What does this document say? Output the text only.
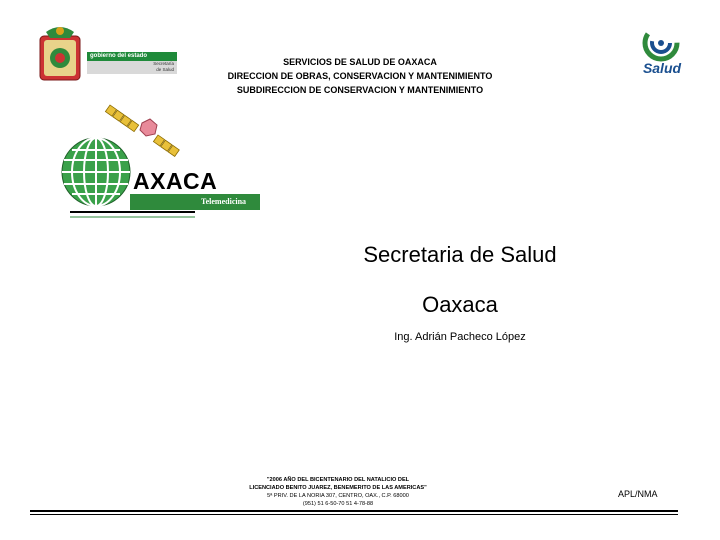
gobierno del estado
Secretaría
de Salud
SERVICIOS DE SALUD DE OAXACA
DIRECCION DE OBRAS, CONSERVACION Y MANTENIMIENTO
SUBDIRECCION DE CONSERVACION Y MANTENIMIENTO
Salud
AXACA
Telemedicina
Secretaria de Salud
Oaxaca
Ing. Adrián Pacheco López
"2006 AÑO DEL BICENTENARIO DEL NATALICIO DEL
LICENCIADO BENITO JUAREZ, BENEMERITO DE LAS AMERICAS"
5ª PRIV. DE LA NORIA 307, CENTRO, OAX., C.P. 68000
(951) 51 6-50-70 51 4-78-88
APL/NMA
